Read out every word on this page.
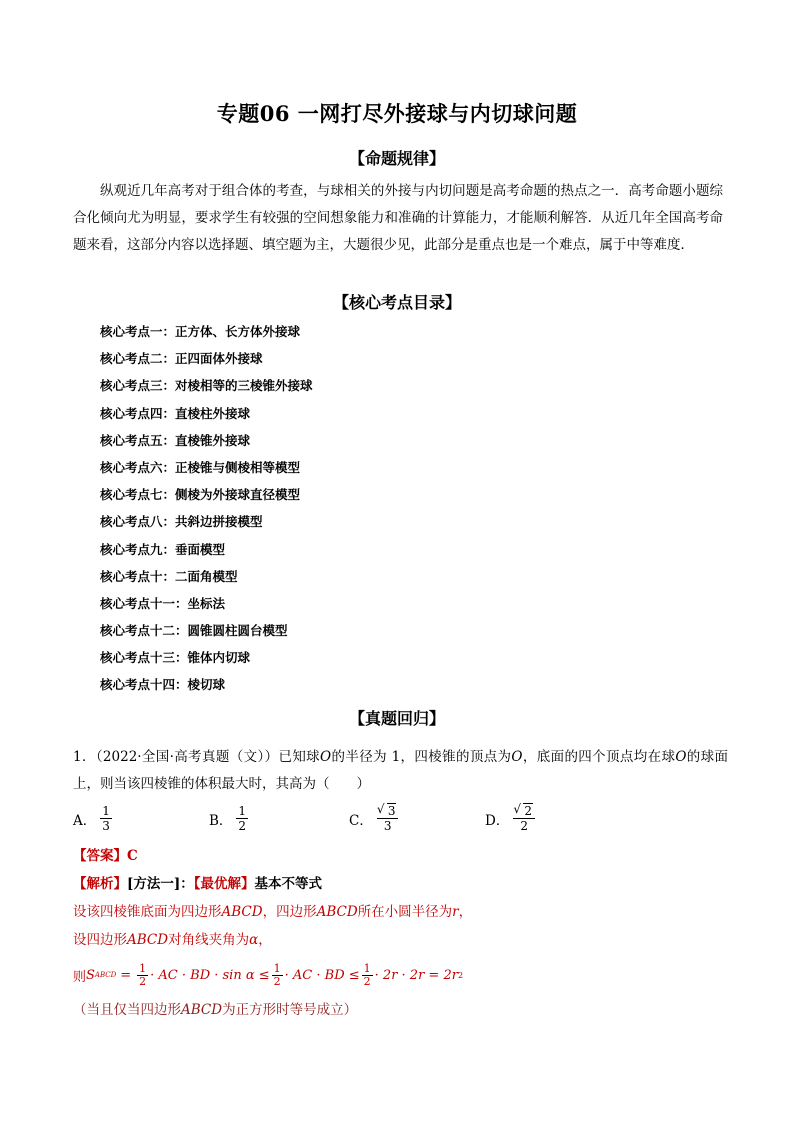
专题06 一网打尽外接球与内切球问题
【命题规律】
纵观近几年高考对于组合体的考查，与球相关的外接与内切问题是高考命题的热点之一．高考命题小题综合化倾向尤为明显，要求学生有较强的空间想象能力和准确的计算能力，才能顺利解答．从近几年全国高考命题来看，这部分内容以选择题、填空题为主，大题很少见，此部分是重点也是一个难点，属于中等难度．
【核心考点目录】
核心考点一：正方体、长方体外接球
核心考点二：正四面体外接球
核心考点三：对棱相等的三棱锥外接球
核心考点四：直棱柱外接球
核心考点五：直棱锥外接球
核心考点六：正棱锥与侧棱相等模型
核心考点七：侧棱为外接球直径模型
核心考点八：共斜边拼接模型
核心考点九：垂面模型
核心考点十：二面角模型
核心考点十一：坐标法
核心考点十二：圆锥圆柱圆台模型
核心考点十三：锥体内切球
核心考点十四：棱切球
【真题回归】
1．（2022·全国·高考真题（文））已知球O的半径为 1，四棱锥的顶点为O，底面的四个顶点均在球O的球面上，则当该四棱锥的体积最大时，其高为（　　）
A． $\frac{1}{3}$	B． $\frac{1}{2}$	C． √ $\frac{3}{3}$	D． √ $\frac{2}{2}$
【答案】C
【解析】[方法一]：【最优解】基本不等式
设该四棱锥底面为四边形ABCD，四边形ABCD所在小圆半径为r，
设四边形ABCD对角线夹角为α，
则 S ABCD = $\frac{1}{2}$ · AC · BD · $\sin \alpha \le \frac{1}{2}$ · AC · BD ≤ $\frac{1}{2} \cdot 2r \cdot 2r = 2r$ 2
（当且仅当四边形ABCD为正方形时等号成立）
